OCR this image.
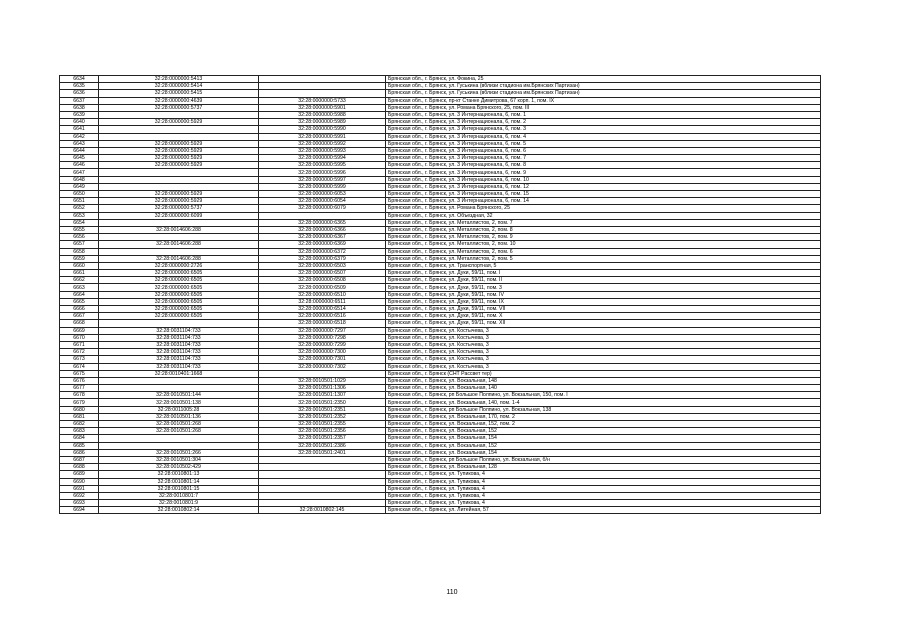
6634	32:28:0000000:5413		Брянская обл., г. Брянск, ул. Фокина, 25
6635	32:28:0000000:5414		Брянская обл., г. Брянск, ул. Гуськина (вблизи стадиона им.Брянских Партизан)
6636	32:28:0000000:5415		Брянская обл., г. Брянск, ул. Гуськина (вблизи стадиона им.Брянских Партизан)
6637	32:28:0000000:4639	32:28:0000000:5733	Брянская обл., г. Брянск, пр-кт Станке Димитрова, 67 корп. 1, пом. IX
6638	32:28:0000000:5737	32:28:0000000:5901	Брянская обл., г. Брянск, ул. Романа Брянского, 25, пом. III
6639		32:28:0000000:5988	Брянская обл., г. Брянск, ул. 3 Интернационала, 6, пом. 1
6640	32:28:0000000:5929	32:28:0000000:5989	Брянская обл., г. Брянск, ул. 3 Интернационала, 6, пом. 2
6641		32:28:0000000:5990	Брянская обл., г. Брянск, ул. 3 Интернационала, 6, пом. 3
6642		32:28:0000000:5991	Брянская обл., г. Брянск, ул. 3 Интернационала, 6, пом. 4
6643	32:28:0000000:5929	32:28:0000000:5992	Брянская обл., г. Брянск, ул. 3 Интернационала, 6, пом. 5
6644	32:28:0000000:5929	32:28:0000000:5993	Брянская обл., г. Брянск, ул. 3 Интернационала, 6, пом. 6
6645	32:28:0000000:5929	32:28:0000000:5994	Брянская обл., г. Брянск, ул. 3 Интернационала, 6, пом. 7
6646	32:28:0000000:5929	32:28:0000000:5995	Брянская обл., г. Брянск, ул. 3 Интернационала, 6, пом. 8
6647		32:28:0000000:5996	Брянская обл., г. Брянск, ул. 3 Интернационала, 6, пом. 9
6648		32:28:0000000:5997	Брянская обл., г. Брянск, ул. 3 Интернационала, 6, пом. 10
6649		32:28:0000000:5999	Брянская обл., г. Брянск, ул. 3 Интернационала, 6, пом. 12
6650	32:28:0000000:5929	32:28:0000000:6053	Брянская обл., г. Брянск, ул. 3 Интернационала, 6, пом. 15
6651	32:28:0000000:5929	32:28:0000000:6054	Брянская обл., г. Брянск, ул. 3 Интернационала, 6, пом. 14
6652	32:28:0000000:5737	32:28:0000000:6079	Брянская обл., г. Брянск, ул. Романа Брянского, 25
6653	32:28:0000000:6099		Брянская обл., г. Брянск, ул. Объездная, 32
6654		32:28:0000000:6365	Брянская обл., г. Брянск, ул. Металлистов, 2, пом. 7
6655	32:28:0014606:288	32:28:0000000:6366	Брянская обл., г. Брянск, ул. Металлистов, 2, пом. 8
6656		32:28:0000000:6367	Брянская обл., г. Брянск, ул. Металлистов, 2, пом. 9
6657	32:28:0014606:288	32:28:0000000:6369	Брянская обл., г. Брянск, ул. Металлистов, 2, пом. 10
6658		32:28:0000000:6372	Брянская обл., г. Брянск, ул. Металлистов, 2, пом. 6
6659	32:28:0014606:288	32:28:0000000:6379	Брянская обл., г. Брянск, ул. Металлистов, 2, пом. 5
6660	32:28:0000000:2726	32:28:0000000:6503	Брянская обл., г. Брянск, ул. Транспортная, 5
6661	32:28:0000000:6505	32:28:0000000:6507	Брянская обл., г. Брянск, ул. Дуки, 59/11, пом. I
6662	32:28:0000000:6505	32:28:0000000:6508	Брянская обл., г. Брянск, ул. Дуки, 59/11, пом. II
6663	32:28:0000000:6505	32:28:0000000:6509	Брянская обл., г. Брянск, ул. Дуки, 59/11, пом. 3
6664	32:28:0000000:6505	32:28:0000000:6510	Брянская обл., г. Брянск, ул. Дуки, 59/11, пом. IV
6665	32:28:0000000:6505	32:28:0000000:6511	Брянская обл., г. Брянск, ул. Дуки, 59/11, пом. IX
6666	32:28:0000000:6505	32:28:0000000:6514	Брянская обл., г. Брянск, ул. Дуки, 59/11, пом. VII
6667	32:28:0000000:6505	32:28:0000000:6516	Брянская обл., г. Брянск, ул. Дуки, 59/11, пом. X
6668		32:28:0000000:6518	Брянская обл., г. Брянск, ул. Дуки, 59/11, пом. XII
6669	32:28:0031104:733	32:28:0000000:7297	Брянская обл., г. Брянск, ул. Костычева, 3
6670	32:28:0031104:733	32:28:0000000:7298	Брянская обл., г. Брянск, ул. Костычева, 3
6671	32:28:0031104:733	32:28:0000000:7299	Брянская обл., г. Брянск, ул. Костычева, 3
6672	32:28:0031104:733	32:28:0000000:7300	Брянская обл., г. Брянск, ул. Костычева, 3
6673	32:28:0031104:733	32:28:0000000:7301	Брянская обл., г. Брянск, ул. Костычева, 3
6674	32:28:0031104:733	32:28:0000000:7302	Брянская обл., г. Брянск, ул. Костычева, 3
6675	32:28:0010401:1668		Брянская обл., г. Брянск (СНТ Рассвет тер)
6676		32:28:0010501:1029	Брянская обл., г. Брянск, ул. Вокзальная, 148
6677		32:28:0010501:1306	Брянская обл., г. Брянск, ул. Вокзальная, 140
6678	32:28:0010501:144	32:28:0010501:1307	Брянская обл., г. Брянск, рп Большое Полпино, ул. Вокзальная, 150, пом. I
6679	32:28:0010501:138	32:28:0010501:2350	Брянская обл., г. Брянск, ул. Вокзальная, 140, пом. 1-4
6680	32:28:0011005:28	32:28:0010501:2351	Брянская обл., г. Брянск, рп Большое Полпино, ул. Вокзальная, 138
6681	32:28:0010501:136	32:28:0010501:2352	Брянская обл., г. Брянск, ул. Вокзальная, 170, пом. 2
6682	32:28:0010501:268	32:28:0010501:2355	Брянская обл., г. Брянск, ул. Вокзальная, 152, пом. 2
6683	32:28:0010501:268	32:28:0010501:2356	Брянская обл., г. Брянск, ул. Вокзальная, 152
6684		32:28:0010501:2357	Брянская обл., г. Брянск, ул. Вокзальная, 154
6685		32:28:0010501:2386	Брянская обл., г. Брянск, ул. Вокзальная, 152
6686	32:28:0010501:266	32:28:0010501:2401	Брянская обл., г. Брянск, ул. Вокзальная, 154
6687	32:28:0010501:304		Брянская обл., г. Брянск, рп Большое Полпино, ул. Вокзальная, б/н
6688	32:28:0010502:429		Брянская обл., г. Брянск, ул. Вокзальная, 128
6689	32:28:0010801:13		Брянская обл., г. Брянск, ул. Тупикова, 4
6690	32:28:0010801:14		Брянская обл., г. Брянск, ул. Тупикова, 4
6691	32:28:0010801:15		Брянская обл., г. Брянск, ул. Тупикова, 4
6692	32:28:0010801:7		Брянская обл., г. Брянск, ул. Тупикова, 4
6693	32:28:0010801:9		Брянская обл., г. Брянск, ул. Тупикова, 4
6694	32:28:0010802:14	32:28:0010802:145	Брянская обл., г. Брянск, ул. Литейная, 57
110
